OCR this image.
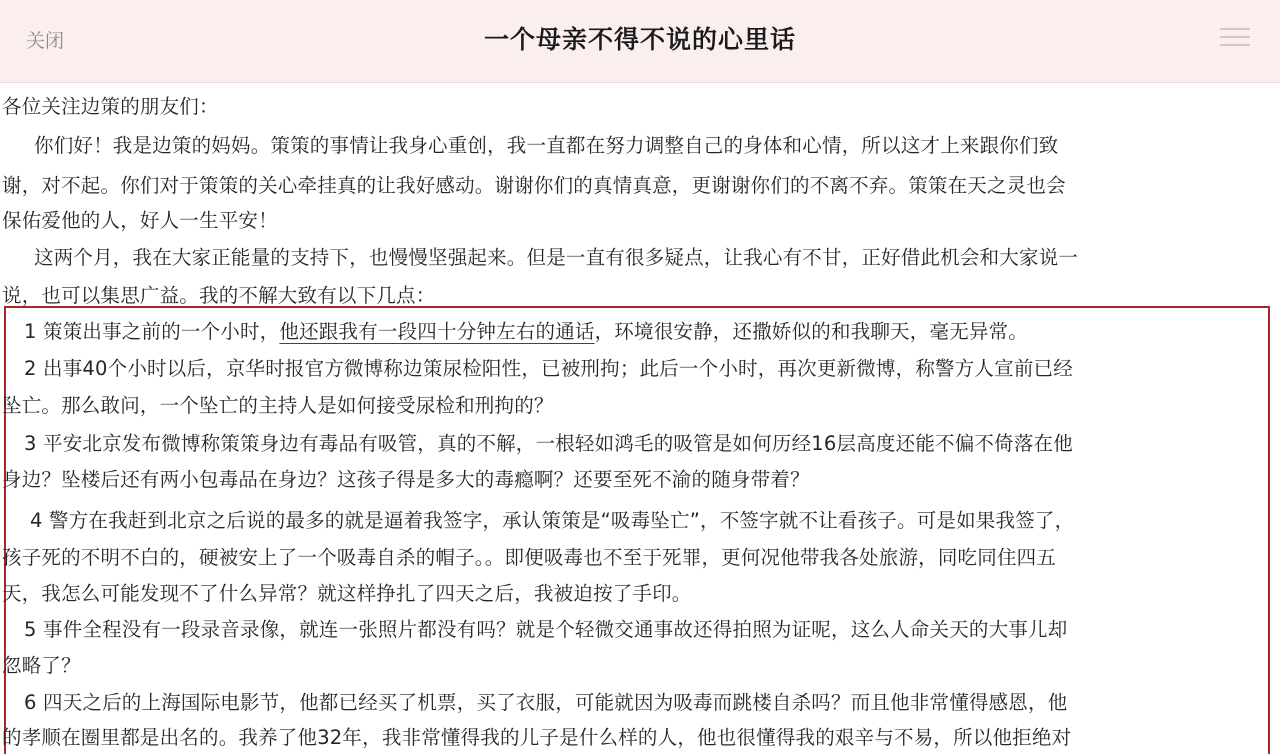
关闭	一个母亲不得不说的心里话
各位关注边策的朋友们：
你们好！我是边策的妈妈。策策的事情让我身心重创，我一直都在努力调整自己的身体和心情，所以这才上来跟你们致
谢，对不起。你们对于策策的关心牵挂真的让我好感动。谢谢你们的真情真意，更谢谢你们的不离不弃。策策在天之灵也会
保佑爱他的人，好人一生平安！
这两个月，我在大家正能量的支持下，也慢慢坚强起来。但是一直有很多疑点，让我心有不甘，正好借此机会和大家说一
说，也可以集思广益。我的不解大致有以下几点：
1 策策出事之前的一个小时，他还跟我有一段四十分钟左右的通话，环境很安静，还撒娇似的和我聊天，毫无异常。
2 出事40个小时以后，京华时报官方微博称边策尿检阳性，已被刑拘；此后一个小时，再次更新微博，称警方人宣前已经
坠亡。那么敢问，一个坠亡的主持人是如何接受尿检和刑拘的？
3 平安北京发布微博称策策身边有毒品有吸管，真的不解，一根轻如鸿毛的吸管是如何历经16层高度还能不偏不倚落在他
身边？坠楼后还有两小包毒品在身边？这孩子得是多大的毒瘾啊？还要至死不渝的随身带着？
4 警方在我赶到北京之后说的最多的就是逼着我签字，承认策策是“吸毒坠亡”，不签字就不让看孩子。可是如果我签了，
孩子死的不明不白的，硬被安上了一个吸毒自杀的帽子。。即便吸毒也不至于死罪，更何况他带我各处旅游，同吃同住四五
天，我怎么可能发现不了什么异常？就这样挣扎了四天之后，我被迫按了手印。
5 事件全程没有一段录音录像，就连一张照片都没有吗？就是个轻微交通事故还得拍照为证呢，这么人命关天的大事儿却
忽略了？
6 四天之后的上海国际电影节，他都已经买了机票，买了衣服，可能就因为吸毒而跳楼自杀吗？而且他非常懂得感恩，他
的孝顺在圈里都是出名的。我养了他32年，我非常懂得我的儿子是什么样的人，他也很懂得我的艰辛与不易，所以他拒绝对
